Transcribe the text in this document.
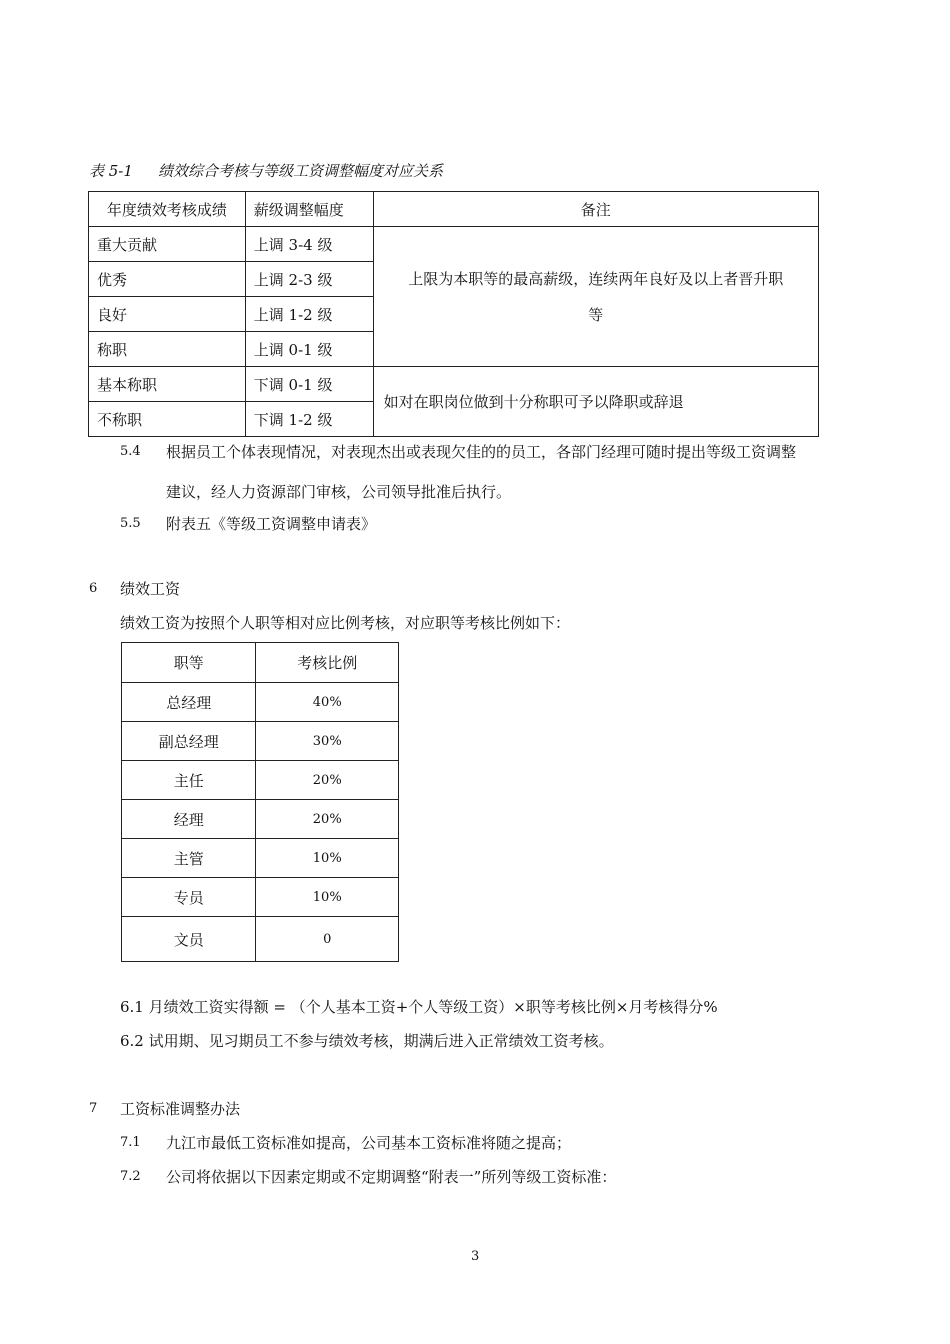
表 5-1 绩效综合考核与等级工资调整幅度对应关系
年度绩效考核成绩	薪级调整幅度	备注
重大贡献	上调 3-4 级	上限为本职等的最高薪级，连续两年良好及以上者晋升职
等

优秀	上调 2-3 级	
良好	上调 1-2 级	
称职	上调 0-1 级	
基本称职	下调 0-1 级	如对在职岗位做到十分称职可予以降职或辞退
不称职	下调 1-2 级	
5.4 根据员工个体表现情况，对表现杰出或表现欠佳的的员工，各部门经理可随时提出等级工资调整
建议，经人力资源部门审核，公司领导批准后执行。
5.5 附表五《等级工资调整申请表》
6 绩效工资
绩效工资为按照个人职等相对应比例考核，对应职等考核比例如下：
职等	考核比例
总经理	40%
副总经理	30%
主任	20%
经理	20%
主管	10%
专员	10%
文员	0
6.1 月绩效工资实得额 = （个人基本工资+个人等级工资）×职等考核比例×月考核得分%
6.2 试用期、见习期员工不参与绩效考核，期满后进入正常绩效工资考核。
7 工资标准调整办法
7.1 九江市最低工资标准如提高，公司基本工资标准将随之提高；
7.2 公司将依据以下因素定期或不定期调整“附表一”所列等级工资标准：
3
